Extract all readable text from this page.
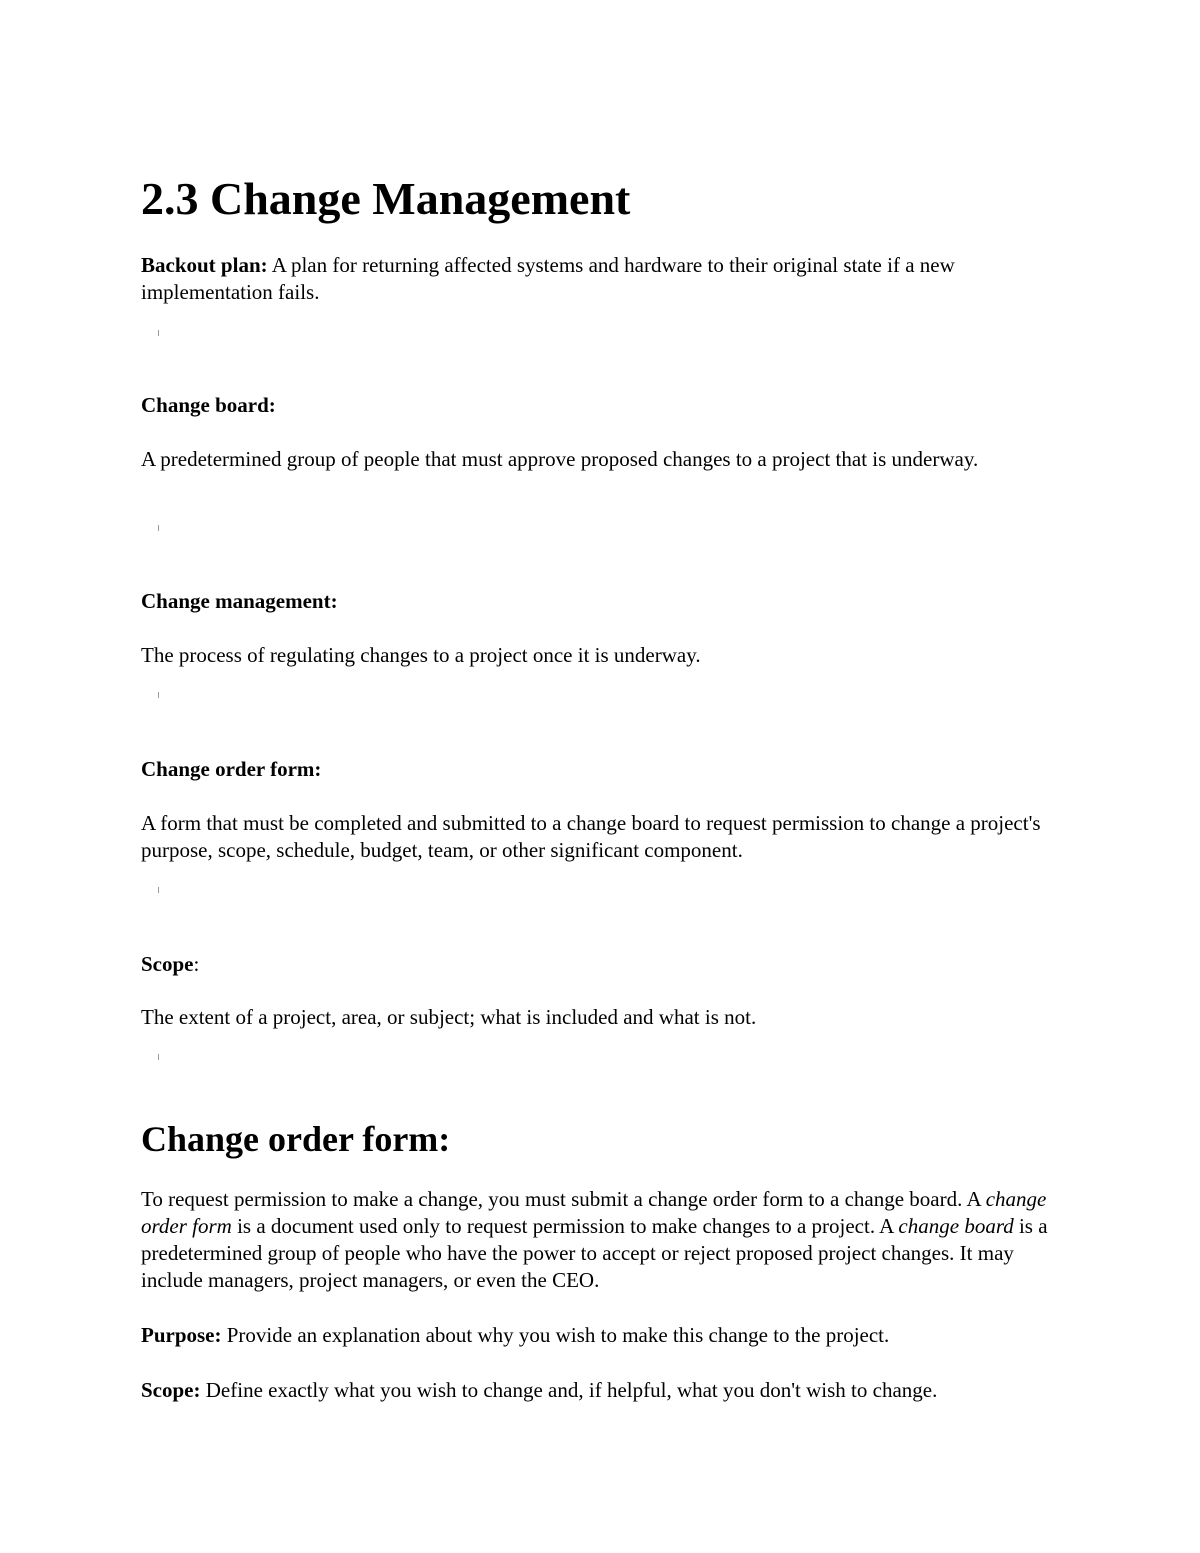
2.3 Change Management

Backout plan: A plan for returning affected systems and hardware to their original state if a new implementation fails.

Change board:

A predetermined group of people that must approve proposed changes to a project that is underway.

Change management:

The process of regulating changes to a project once it is underway.

Change order form:

A form that must be completed and submitted to a change board to request permission to change a project's purpose, scope, schedule, budget, team, or other significant component.

Scope:

The extent of a project, area, or subject; what is included and what is not.

Change order form:

To request permission to make a change, you must submit a change order form to a change board. A change order form is a document used only to request permission to make changes to a project. A change board is a predetermined group of people who have the power to accept or reject proposed project changes. It may include managers, project managers, or even the CEO.

Purpose: Provide an explanation about why you wish to make this change to the project.

Scope: Define exactly what you wish to change and, if helpful, what you don't wish to change.
